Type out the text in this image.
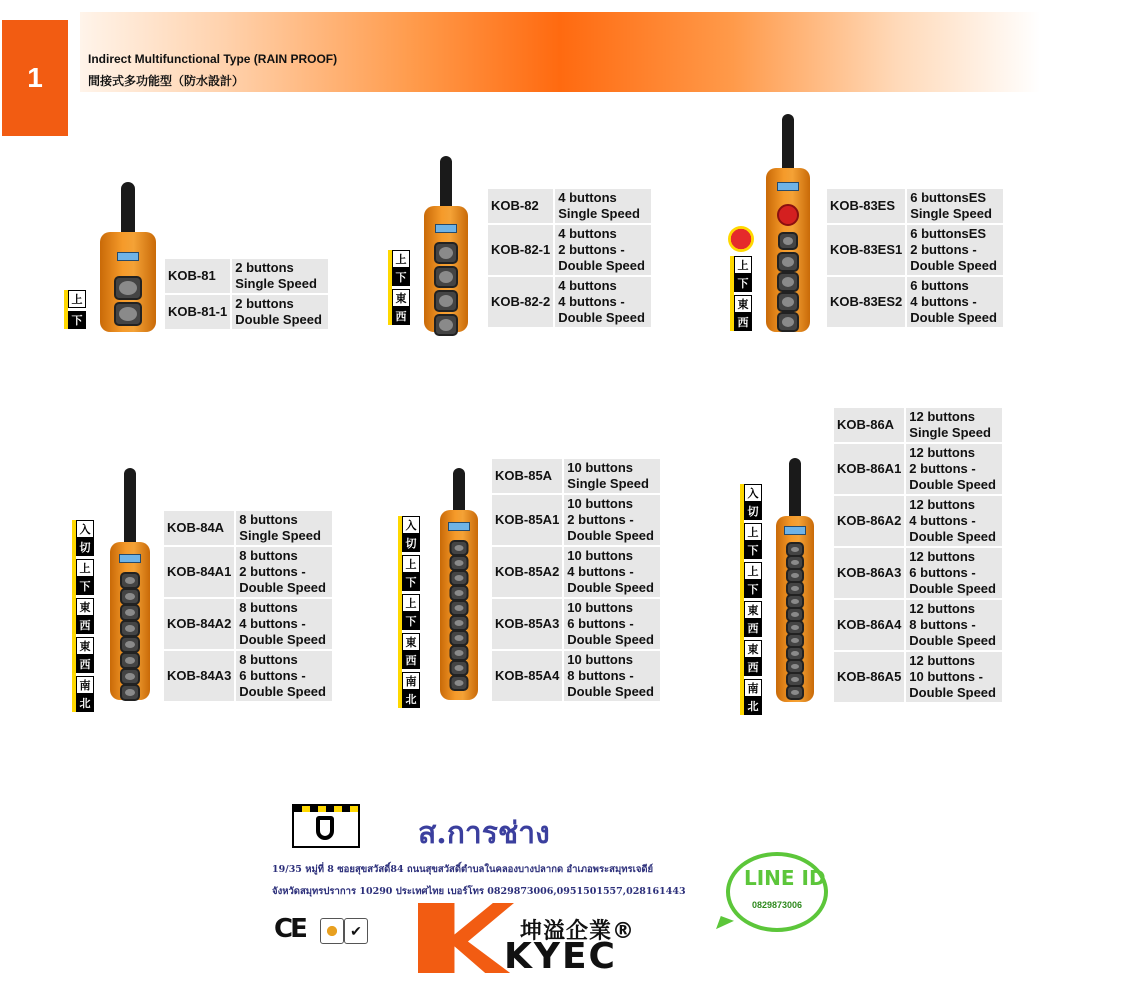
1
Indirect Multifunctional Type (RAIN PROOF)
間接式多功能型（防水設計）
上
下
KOB-81	2 buttons
Single Speed
KOB-81-1	2 buttons
Double Speed
上
下
東
西
KOB-82	4 buttons
Single Speed
KOB-82-1	4 buttons
2 buttons -
Double Speed
KOB-82-2	4 buttons
4 buttons -
Double Speed
上
下
東
西
KOB-83ES	6 buttonsES
Single Speed
KOB-83ES1	6 buttonsES
2 buttons -
Double Speed
KOB-83ES2	6 buttons
4 buttons -
Double Speed
入
切
上
下
東
西
東
西
南
北
KOB-84A	8 buttons
Single Speed
KOB-84A1	8 buttons
2 buttons -
Double Speed
KOB-84A2	8 buttons
4 buttons -
Double Speed
KOB-84A3	8 buttons
6 buttons -
Double Speed
入
切
上
下
上
下
東
西
南
北
KOB-85A	10 buttons
Single Speed
KOB-85A1	10 buttons
2 buttons -
Double Speed
KOB-85A2	10 buttons
4 buttons -
Double Speed
KOB-85A3	10 buttons
6 buttons -
Double Speed
KOB-85A4	10 buttons
8 buttons -
Double Speed
入
切
上
下
上
下
東
西
東
西
南
北
KOB-86A	12 buttons
Single Speed
KOB-86A1	12 buttons
2 buttons -
Double Speed
KOB-86A2	12 buttons
4 buttons -
Double Speed
KOB-86A3	12 buttons
6 buttons -
Double Speed
KOB-86A4	12 buttons
8 buttons -
Double Speed
KOB-86A5	12 buttons
10 buttons -
Double Speed
ส.การช่าง
19/35 หมู่ที่ 8 ซอยสุขสวัสดิ์84 ถนนสุขสวัสดิ์ตำบลในคลองบางปลากด อำเภอพระสมุทรเจดีย์
จังหวัดสมุทรปราการ 10290 ประเทศไทย เบอร์โทร 0829873006,0951501557,028161443
CE	✔	坤溢企業®
KYEC
LINE ID
0829873006
